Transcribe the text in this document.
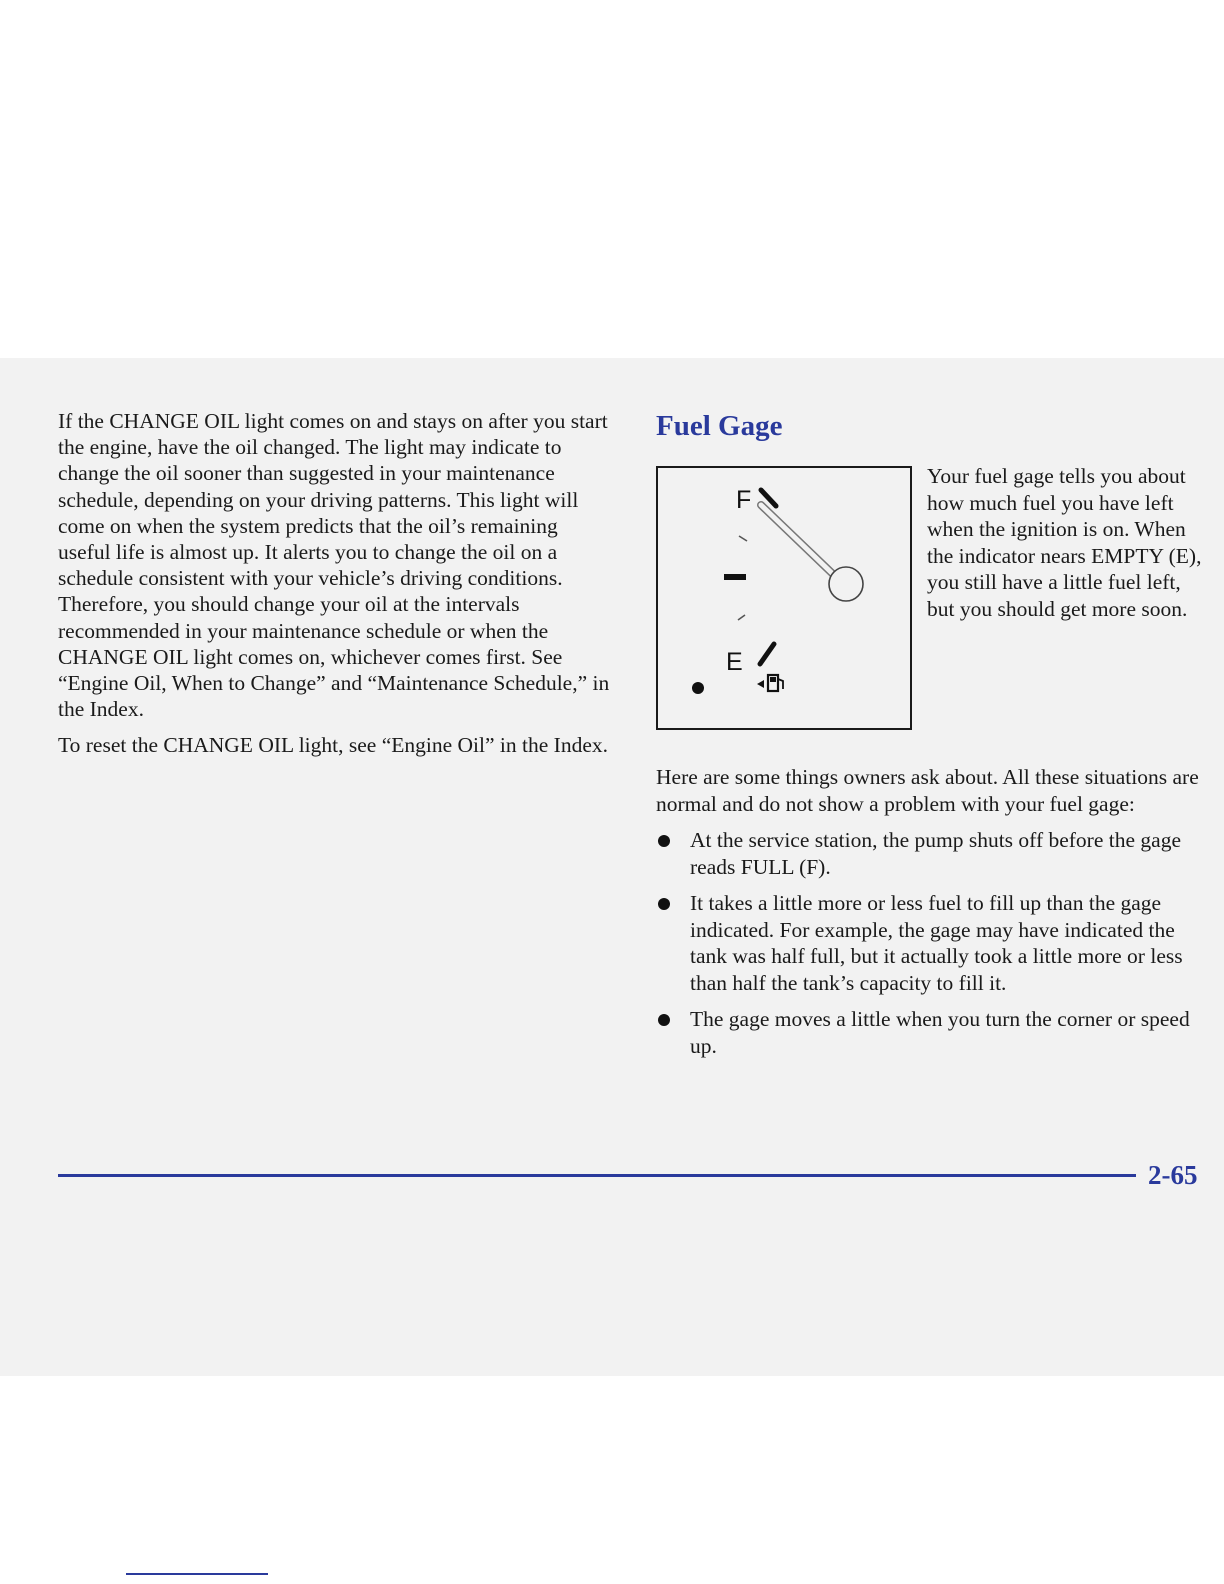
If the CHANGE OIL light comes on and stays on after you start the engine, have the oil changed. The light may indicate to change the oil sooner than suggested in your maintenance schedule, depending on your driving patterns. This light will come on when the system predicts that the oil’s remaining useful life is almost up. It alerts you to change the oil on a schedule consistent with your vehicle’s driving conditions. Therefore, you should change your oil at the intervals recommended in your maintenance schedule or when the CHANGE OIL light comes on, whichever comes first. See “Engine Oil, When to Change” and “Maintenance Schedule,” in the Index.

To reset the CHANGE OIL light, see “Engine Oil” in the Index.

Fuel Gage
F
E

Your fuel gage tells you about how much fuel you have left when the ignition is on. When the indicator nears EMPTY (E), you still have a little fuel left, but you should get more soon.

Here are some things owners ask about. All these situations are normal and do not show a problem with your fuel gage:

At the service station, the pump shuts off before the gage reads FULL (F).
It takes a little more or less fuel to fill up than the gage indicated. For example, the gage may have indicated the tank was half full, but it actually took a little more or less than half the tank’s capacity to fill it.
The gage moves a little when you turn the corner or speed up.

2-65
